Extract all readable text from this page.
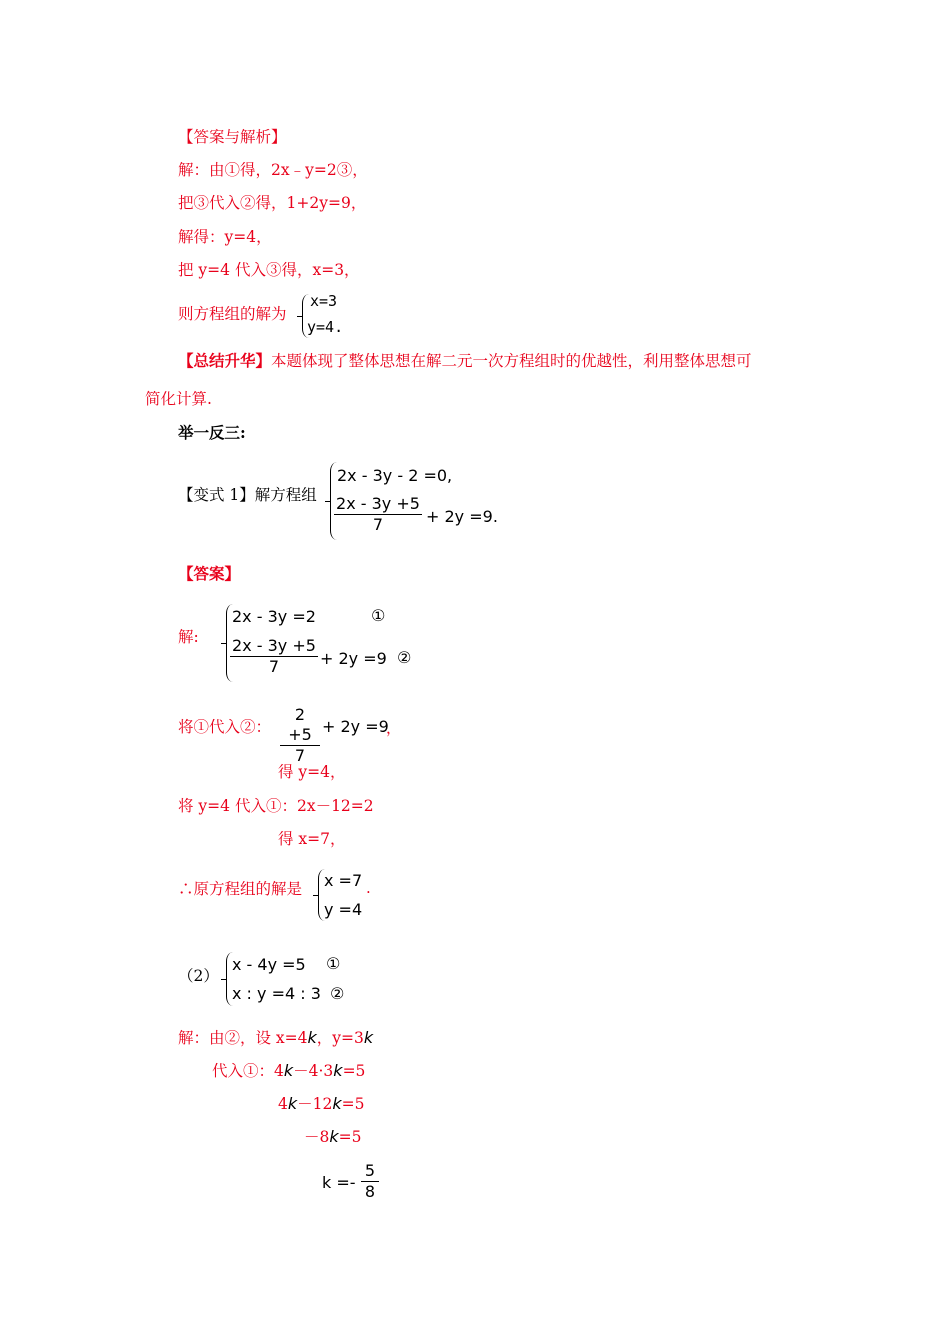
【答案与解析】
解：由①得，2x﹣y=2③，
把③代入②得，1+2y=9，
解得：y=4，
把 y=4 代入③得，x=3，
则方程组的解为
x=3
y=4.
【总结升华】本题体现了整体思想在解二元一次方程组时的优越性，利用整体思想可
简化计算.
举一反三:
【变式 1】解方程组
2x - 3y - 2 =0,
$\frac{2x - 3y +5}{7} + 2y =9$.
【答案】
解:
2x - 3y =2	①
$\frac{2x - 3y +5}{7} + 2y =9$ ②
将①代入②： $\frac{2 +5}{7} + 2y =9$
，
得 y=4，
将 y=4 代入①：2x－12=2
得 x=7，
∴原方程组的解是 x =7
y =4
.
（2）
x - 4y =5 ①
x : y =4 : 3 ②
解：由②，设 x=4k，y=3k
代入①：4k－4·3k=5
4k－12k=5
－8k=5
$k =- \frac{5}{8}$
